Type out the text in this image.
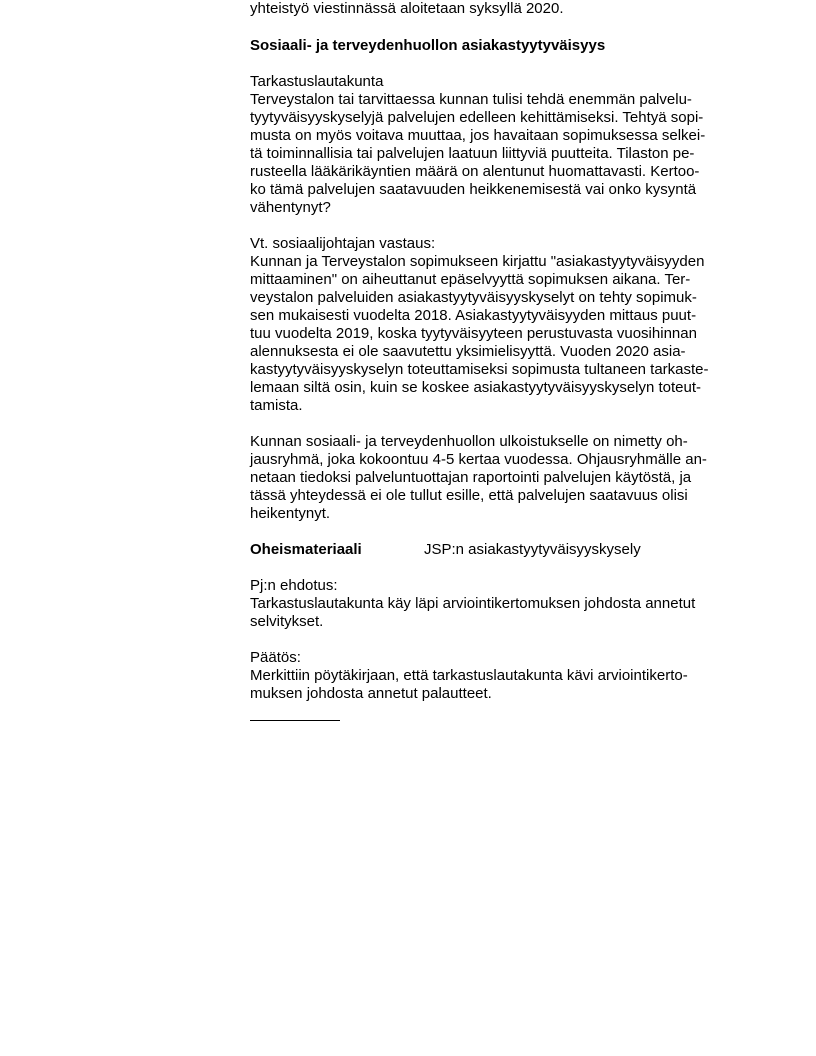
yhteistyö viestinnässä aloitetaan syksyllä 2020.
Sosiaali- ja terveydenhuollon asiakastyytyväisyys
Tarkastuslautakunta
Terveystalon tai tarvittaessa kunnan tulisi tehdä enemmän palvelu-
tyytyväisyyskyselyjä palvelujen edelleen kehittämiseksi. Tehtyä sopi-
musta on myös voitava muuttaa, jos havaitaan sopimuksessa selkei-
tä toiminnallisia tai palvelujen laatuun liittyviä puutteita. Tilaston pe-
rusteella lääkärikäyntien määrä on alentunut huomattavasti. Kertoo-
ko tämä palvelujen saatavuuden heikkenemisestä vai onko kysyntä
vähentynyt?
Vt. sosiaalijohtajan vastaus:
Kunnan ja Terveystalon sopimukseen kirjattu "asiakastyytyväisyyden
mittaaminen" on aiheuttanut epäselvyyttä sopimuksen aikana. Ter-
veystalon palveluiden asiakastyytyväisyyskyselyt on tehty sopimuk-
sen mukaisesti vuodelta 2018. Asiakastyytyväisyyden mittaus puut-
tuu vuodelta 2019, koska tyytyväisyyteen perustuvasta vuosihinnan
alennuksesta ei ole saavutettu yksimielisyyttä. Vuoden 2020 asia-
kastyytyväisyyskyselyn toteuttamiseksi sopimusta tultaneen tarkaste-
lemaan siltä osin, kuin se koskee asiakastyytyväisyyskyselyn toteut-
tamista.
Kunnan sosiaali- ja terveydenhuollon ulkoistukselle on nimetty oh-
jausryhmä, joka kokoontuu 4-5 kertaa vuodessa. Ohjausryhmälle an-
netaan tiedoksi palveluntuottajan raportointi palvelujen käytöstä, ja
tässä yhteydessä ei ole tullut esille, että palvelujen saatavuus olisi
heikentynyt.
Oheismateriaali	JSP:n asiakastyytyväisyyskysely
Pj:n ehdotus:
Tarkastuslautakunta käy läpi arviointikertomuksen johdosta annetut
selvitykset.
Päätös:
Merkittiin pöytäkirjaan, että tarkastuslautakunta kävi arviointikerto-
muksen johdosta annetut palautteet.
